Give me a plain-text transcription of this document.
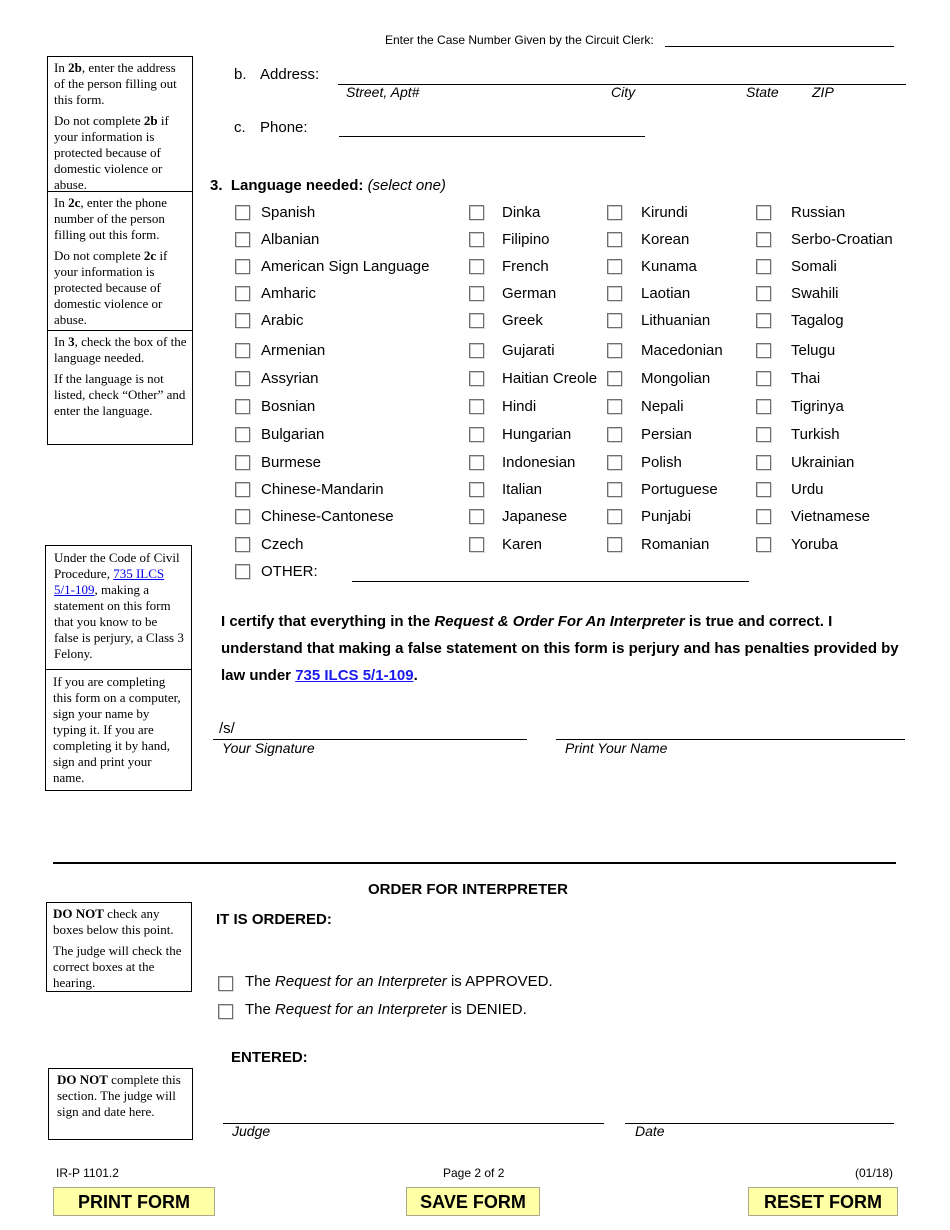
Enter the Case Number Given by the Circuit Clerk:

In 2b, enter the address of the person filling out this form.

Do not complete 2b if your information is protected because of domestic violence or abuse.

In 2c, enter the phone number of the person filling out this form.

Do not complete 2c if your information is protected because of domestic violence or abuse.

In 3, check the box of the language needed.

If the language is not listed, check “Other” and enter the language.

Under the Code of Civil Procedure, 735 ILCS 5/1-109, making a statement on this form that you know to be false is perjury, a Class 3 Felony.

If you are completing this form on a computer, sign your name by typing it. If you are completing it by hand, sign and print your name.

DO NOT check any boxes below this point.

The judge will check the correct boxes at the hearing.

DO NOT complete this section. The judge will sign and date here.

b. Address:
Street, Apt#	City	State ZIP
c. Phone:
3. Language needed: (select one)
Spanish
Albanian
American Sign Language
Amharic
Arabic
Armenian
Assyrian
Bosnian
Bulgarian
Burmese
Chinese-Mandarin
Chinese-Cantonese
Czech
Dinka
Filipino
French
German
Greek
Gujarati
Haitian Creole
Hindi
Hungarian
Indonesian
Italian
Japanese
Karen
Kirundi
Korean
Kunama
Laotian
Lithuanian
Macedonian
Mongolian
Nepali
Persian
Polish
Portuguese
Punjabi
Romanian
Russian
Serbo-Croatian
Somali
Swahili
Tagalog
Telugu
Thai
Tigrinya
Turkish
Ukrainian
Urdu
Vietnamese
Yoruba
OTHER:
I certify that everything in the Request & Order For An Interpreter is true and correct. I understand that making a false statement on this form is perjury and has penalties provided by law under 735 ILCS 5/1-109.
/s/
Your Signature	Print Your Name
ORDER FOR INTERPRETER
IT IS ORDERED:
The Request for an Interpreter is APPROVED.
The Request for an Interpreter is DENIED.
ENTERED:
Judge	Date
IR-P 1101.2	Page 2 of 2	(01/18)
PRINT FORM	SAVE FORM	RESET FORM
